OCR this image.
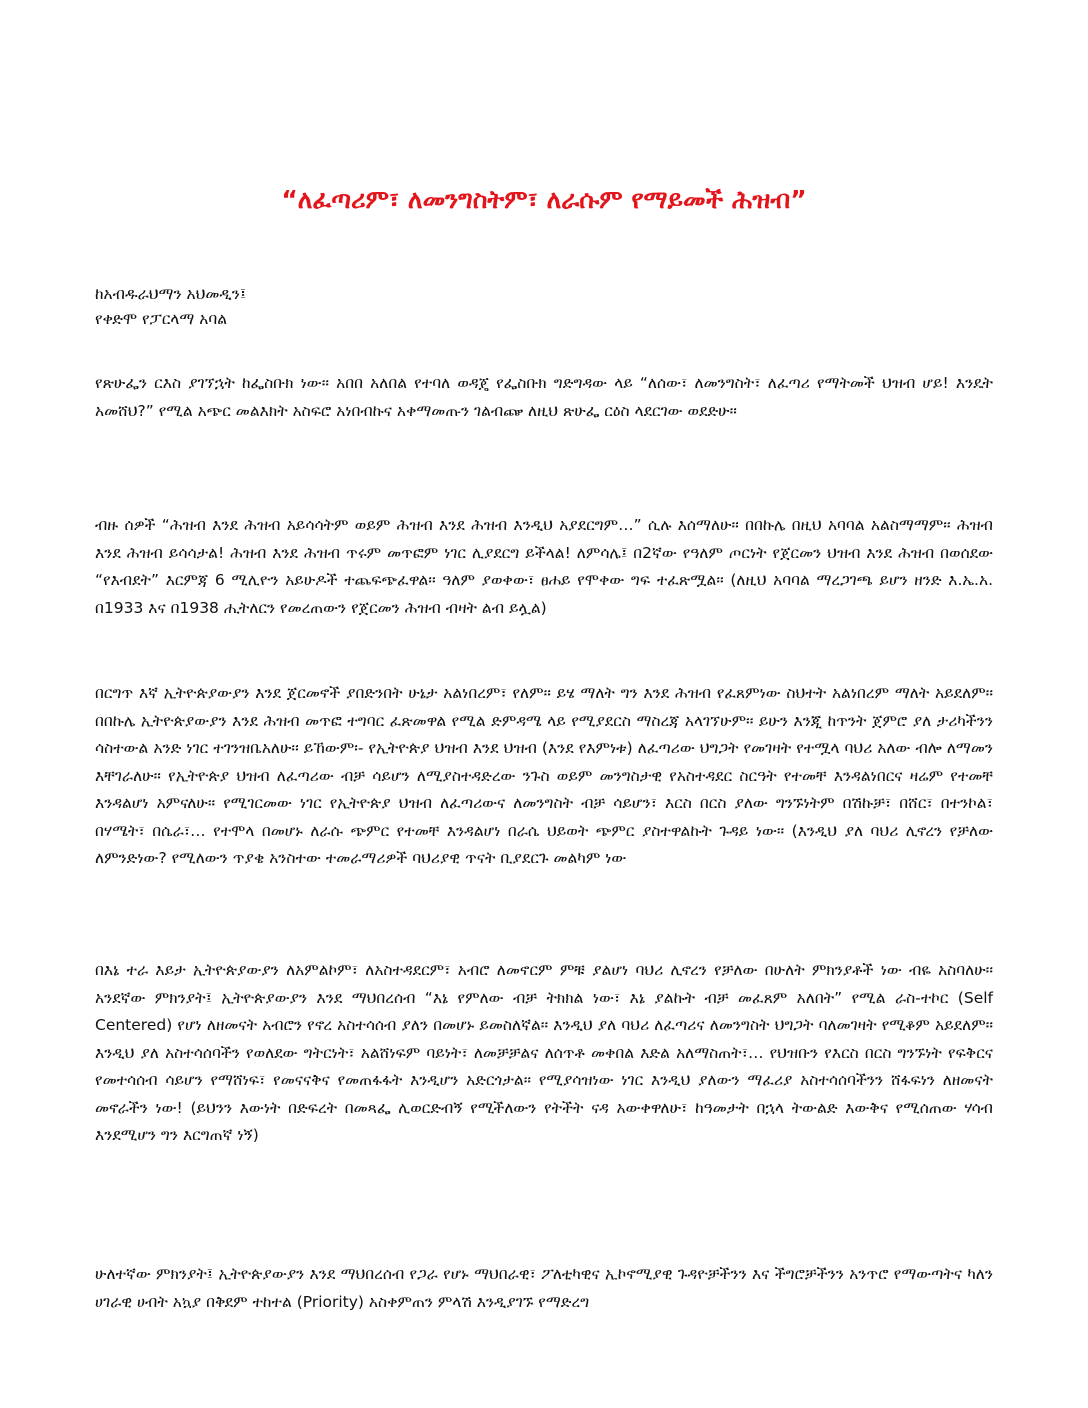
“ለፈጣሪም፣ ለመንግስትም፣ ለራሱም የማይመች ሕዝብ”
ከአብዱራህማን አህመዲን፤
የቀድሞ የፓርላማ አባል

የጽሁፌን ርእስ ያገኘኋት ከፌስቡክ ነው፡፡ አበበ አለበል የተባለ ወዳጄ የፌስቡክ ግድግዳው ላይ “ለሰው፣ ለመንግስት፣ ለፈጣሪ የማትመች ህዝብ ሆይ! እንዴት አመሸህ?” የሚል አጭር መልእክት አስፍሮ አነበብኩና አቀማመጡን ገልብጬ ለዚህ ጽሁፌ ርዕስ ላደርገው ወደድሁ፡፡

ብዙ ሰዎች “ሕዝብ እንደ ሕዝብ አይሳሳትም ወይም ሕዝብ እንደ ሕዝብ እንዲህ አያደርግም…” ሲሉ እሰማለሁ፡፡ በበኩሌ በዚህ አባባል አልስማማም፡፡ ሕዝብ እንደ ሕዝብ ይሳሳታል! ሕዝብ እንደ ሕዝብ ጥሩም መጥፎም ነገር ሊያደርግ ይችላል! ለምሳሌ፤ በ2ኛው የዓለም ጦርነት የጀርመን ህዝብ እንደ ሕዝብ በወሰደው “የእብደት” እርምጃ 6 ሚሊዮን አይሁዶች ተጨፍጭፈዋል፡፡ ዓለም ያወቀው፣ ፀሐይ የሞቀው ግፍ ተፈጽሟል፡፡ (ለዚህ አባባል ማረጋገጫ ይሆን ዘንድ እ.ኤ.አ. በ1933 እና በ1938 ሒትለርን የመረጠውን የጀርመን ሕዝብ ብዛት ልብ ይሏል)

በርግጥ እኛ ኢትዮጵያውያን እንደ ጀርመኖች ያበድንበት ሁኔታ አልነበረም፣ የለም፡፡ ይሄ ማለት ግን እንደ ሕዝብ የፈጸምነው ስህተት አልነበረም ማለት አይደለም፡፡ በበኩሌ ኢትዮጵያውያን እንደ ሕዝብ መጥፎ ተግባር ፈጽመዋል የሚል ድምዳሜ ላይ የሚያደርስ ማስረጃ አላገኘሁም፡፡ ይሁን እንጂ ከጥንት ጀምሮ ያለ ታሪካችንን ሳስተውል አንድ ነገር ተገንዝቤአለሁ፡፡ ይኸውም፡- የኢትዮጵያ ህዝብ እንደ ህዝብ (እንደ የእምነቱ) ለፈጣሪው ህግጋት የመገዛት የተሟላ ባህሪ አለው ብሎ ለማመን እቸገራለሁ፡፡ የኢትዮጵያ ህዝብ ለፈጣሪው ብቻ ሳይሆን ለሚያስተዳድረው ንጉስ ወይም መንግስታዊ የአስተዳደር ስርዓት የተመቸ እንዳልነበርና ዛሬም የተመቸ እንዳልሆነ አምናለሁ፡፡ የሚገርመው ነገር የኢትዮጵያ ህዝብ ለፈጣሪውና ለመንግስት ብቻ ሳይሆን፣ እርስ በርስ ያለው ግንኙነትም በሽኩቻ፣ በሸር፣ በተንኮል፣ በሃሜት፣ በሴራ፣… የተሞላ በመሆኑ ለራሱ ጭምር የተመቸ እንዳልሆነ በራሴ ህይወት ጭምር ያስተዋልኩት ጉዳይ ነው፡፡ (እንዲህ ያለ ባህሪ ሊኖረን የቻለው ለምንድነው? የሚለውን ጥያቄ አንስተው ተመራማሪዎች ባህሪያዊ ጥናት ቢያደርጉ መልካም ነው

በእኔ ተራ እይታ ኢትዮጵያውያን ለአምልኮም፣ ለአስተዳደርም፣ አብሮ ለመኖርም ምቹ ያልሆነ ባህሪ ሊኖረን የቻለው በሁለት ምክንያቶች ነው ብዬ አስባለሁ፡፡ አንደኛው ምክንያት፤ ኢትዮጵያውያን እንደ ማህበረሰብ “እኔ የምለው ብቻ ትክክል ነው፣ እኔ ያልኩት ብቻ መፈጸም አለበት” የሚል ራስ-ተኮር (Self Centered) የሆነ ለዘመናት አብሮን የኖረ አስተሳሰብ ያለን በመሆኑ ይመስለኛል፡፡ እንዲህ ያለ ባህሪ ለፈጣሪና ለመንግስት ህግጋት ባለመገዛት የሚቆም አይደለም፡፡ እንዲህ ያለ አስተሳሰባችን የወለደው ግትርነት፣ አልሸነፍም ባይነት፣ ለመቻቻልና ለሰጥቶ መቀበል እድል አለማስጠት፣… የህዝቡን የእርስ በርስ ግንኙነት የፍቅርና የመተሳሰብ ሳይሆን የማሸነፍ፣ የመናናቅና የመጠፋፋት እንዲሆን አድርጎታል፡፡ የሚያሳዝነው ነገር እንዲህ ያለውን ማፈሪያ አስተሳሰባችንን ሸፋፍነን ለዘመናት መኖራችን ነው! (ይህንን እውነት በድፍረት በመጻፌ ሊወርድብኝ የሚችለውን የትችት ናዳ አውቀዋለሁ፣ ከዓመታት በኋላ ትውልድ እውቅና የሚሰጠው ሃሳብ እንደሚሆን ግን እርግጠኛ ነኝ)

ሁለተኛው ምክንያት፤ ኢትዮጵያውያን እንደ ማህበረሰብ የጋራ የሆኑ ማህበራዊ፣ ፖለቲካዊና ኢኮኖሚያዊ ጉዳዮቻችንን እና ችግሮቻችንን አንጥሮ የማውጣትና ካለን ሀገራዊ ሀብት አኳያ በቅደም ተከተል (Priority) አስቀምጠን ምላሽ እንዲያገኙ የማድረግ
